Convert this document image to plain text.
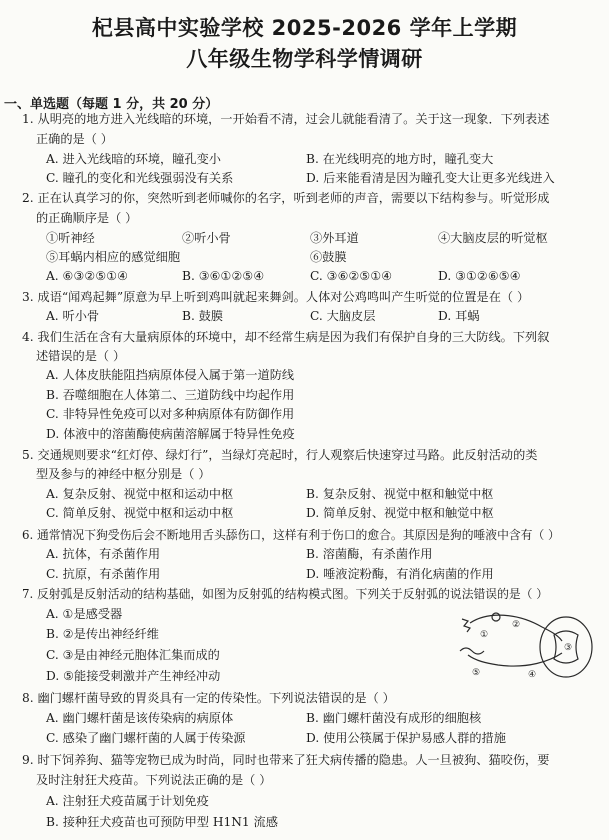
杞县高中实验学校 2025-2026 学年上学期
八年级生物学科学情调研
一、单选题（每题 1 分，共 20 分）
1. 从明亮的地方进入光线暗的环境，一开始看不清，过会儿就能看清了。关于这一现象．下列表述
正确的是（ ）
A. 进入光线暗的环境，瞳孔变小	B. 在光线明亮的地方时，瞳孔变大
C. 瞳孔的变化和光线强弱没有关系	D. 后来能看清是因为瞳孔变大让更多光线进入
2. 正在认真学习的你，突然听到老师喊你的名字，听到老师的声音，需要以下结构参与。听觉形成
的正确顺序是（ ）
①听神经	②听小骨	③外耳道	④大脑皮层的听觉枢
⑤耳蜗内相应的感觉细胞	⑥鼓膜
A. ⑥③②⑤①④	B. ③⑥①②⑤④	C. ③⑥②⑤①④	D. ③①②⑥⑤④
3. 成语“闻鸡起舞”原意为早上听到鸡叫就起来舞剑。人体对公鸡鸣叫产生听觉的位置是在（ ）
A. 听小骨	B. 鼓膜	C. 大脑皮层	D. 耳蜗
4. 我们生活在含有大量病原体的环境中，却不经常生病是因为我们有保护自身的三大防线。下列叙
述错误的是（ ）
A. 人体皮肤能阻挡病原体侵入属于第一道防线
B. 吞噬细胞在人体第二、三道防线中均起作用
C. 非特异性免疫可以对多种病原体有防御作用
D. 体液中的溶菌酶使病菌溶解属于特异性免疫
5. 交通规则要求“红灯停、绿灯行”，当绿灯亮起时，行人观察后快速穿过马路。此反射活动的类
型及参与的神经中枢分别是（ ）
A. 复杂反射、视觉中枢和运动中枢	B. 复杂反射、视觉中枢和触觉中枢
C. 简单反射、视觉中枢和运动中枢	D. 简单反射、视觉中枢和触觉中枢
6. 通常情况下狗受伤后会不断地用舌头舔伤口，这样有利于伤口的愈合。其原因是狗的唾液中含有（ ）
A. 抗体，有杀菌作用	B. 溶菌酶，有杀菌作用
C. 抗原，有杀菌作用	D. 唾液淀粉酶，有消化病菌的作用
7. 反射弧是反射活动的结构基础，如图为反射弧的结构模式图。下列关于反射弧的说法错误的是（ ）
A. ①是感受器
B. ②是传出神经纤维
C. ③是由神经元胞体汇集而成的
D. ⑤能接受刺激并产生神经冲动
①
②
③
④
⑤
8. 幽门螺杆菌导致的胃炎具有一定的传染性。下列说法错误的是（ ）
A. 幽门螺杆菌是该传染病的病原体	B. 幽门螺杆菌没有成形的细胞核
C. 感染了幽门螺杆菌的人属于传染源	D. 使用公筷属于保护易感人群的措施
9. 时下饲养狗、猫等宠物已成为时尚，同时也带来了狂犬病传播的隐患。人一旦被狗、猫咬伤，要
及时注射狂犬疫苗。下列说法正确的是（ ）
A. 注射狂犬疫苗属于计划免疫
B. 接种狂犬疫苗也可预防甲型 H1N1 流感
